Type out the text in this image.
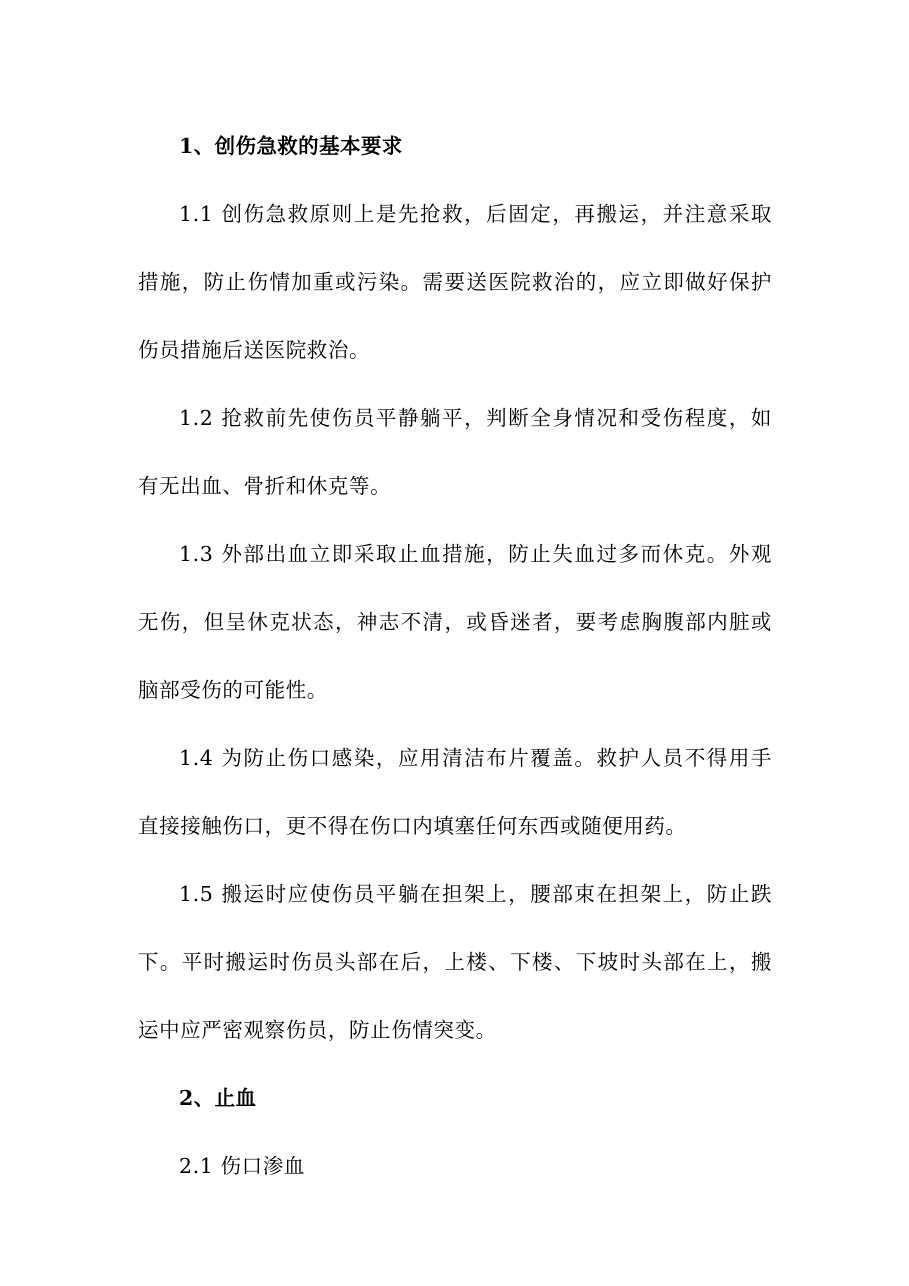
1、创伤急救的基本要求
1.1 创伤急救原则上是先抢救，后固定，再搬运，并注意采取
措施，防止伤情加重或污染。需要送医院救治的，应立即做好保护
伤员措施后送医院救治。
1.2 抢救前先使伤员平静躺平，判断全身情况和受伤程度，如
有无出血、骨折和休克等。
1.3 外部出血立即采取止血措施，防止失血过多而休克。外观
无伤，但呈休克状态，神志不清，或昏迷者，要考虑胸腹部内脏或
脑部受伤的可能性。
1.4 为防止伤口感染，应用清洁布片覆盖。救护人员不得用手
直接接触伤口，更不得在伤口内填塞任何东西或随便用药。
1.5 搬运时应使伤员平躺在担架上，腰部束在担架上，防止跌
下。平时搬运时伤员头部在后，上楼、下楼、下坡时头部在上，搬
运中应严密观察伤员，防止伤情突变。
2、止血
2.1 伤口渗血
